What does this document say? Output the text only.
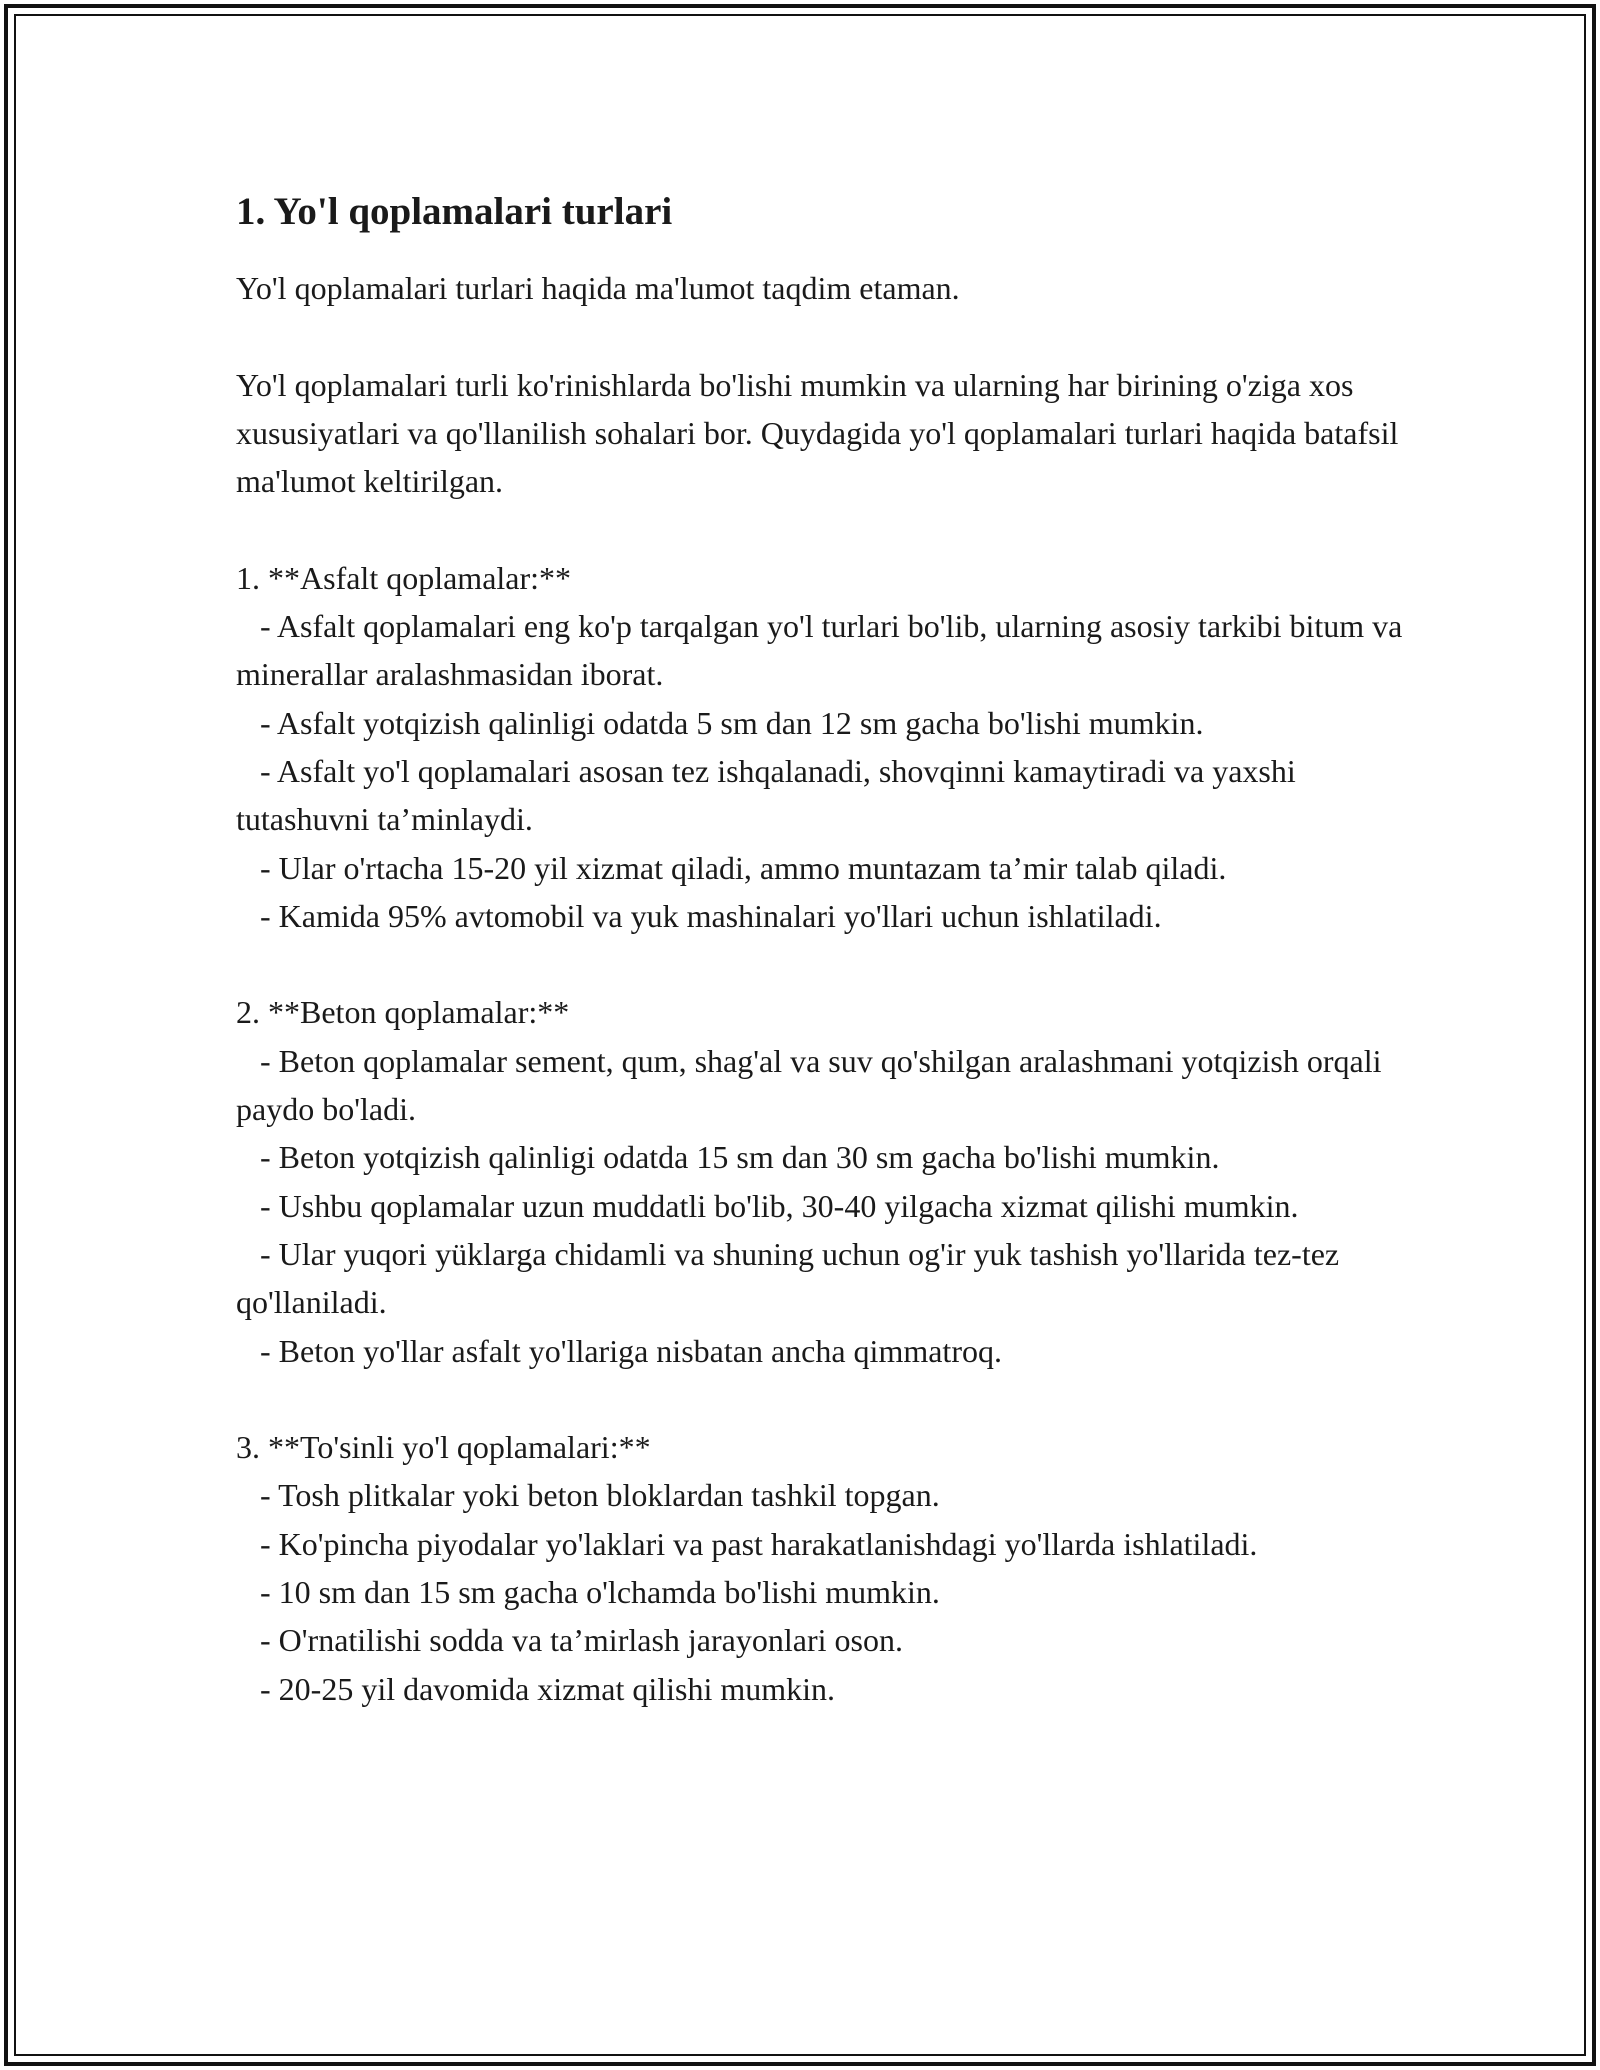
1. Yo'l qoplamalari turlari

Yo'l qoplamalari turlari haqida ma'lumot taqdim etaman.

Yo'l qoplamalari turli ko'rinishlarda bo'lishi mumkin va ularning har birining o'ziga xos xususiyatlari va qo'llanilish sohalari bor. Quydagida yo'l qoplamalari turlari haqida batafsil ma'lumot keltirilgan.

1. **Asfalt qoplamalar:**

- Asfalt qoplamalari eng ko'p tarqalgan yo'l turlari bo'lib, ularning asosiy tarkibi bitum va minerallar aralashmasidan iborat.

- Asfalt yotqizish qalinligi odatda 5 sm dan 12 sm gacha bo'lishi mumkin.

- Asfalt yo'l qoplamalari asosan tez ishqalanadi, shovqinni kamaytiradi va yaxshi tutashuvni ta’minlaydi.

- Ular o'rtacha 15-20 yil xizmat qiladi, ammo muntazam ta’mir talab qiladi.

- Kamida 95% avtomobil va yuk mashinalari yo'llari uchun ishlatiladi.

2. **Beton qoplamalar:**

- Beton qoplamalar sement, qum, shag'al va suv qo'shilgan aralashmani yotqizish orqali paydo bo'ladi.

- Beton yotqizish qalinligi odatda 15 sm dan 30 sm gacha bo'lishi mumkin.

- Ushbu qoplamalar uzun muddatli bo'lib, 30-40 yilgacha xizmat qilishi mumkin.

- Ular yuqori yüklarga chidamli va shuning uchun og'ir yuk tashish yo'llarida tez-tez qo'llaniladi.

- Beton yo'llar asfalt yo'llariga nisbatan ancha qimmatroq.

3. **To'sinli yo'l qoplamalari:**

- Tosh plitkalar yoki beton bloklardan tashkil topgan.

- Ko'pincha piyodalar yo'laklari va past harakatlanishdagi yo'llarda ishlatiladi.

- 10 sm dan 15 sm gacha o'lchamda bo'lishi mumkin.

- O'rnatilishi sodda va ta’mirlash jarayonlari oson.

- 20-25 yil davomida xizmat qilishi mumkin.
